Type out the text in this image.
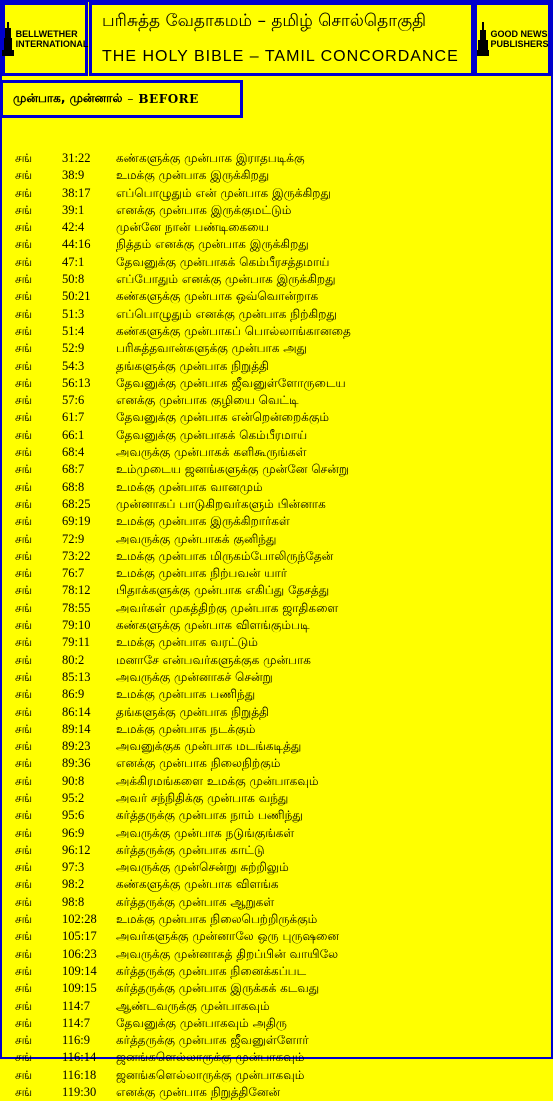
BELLWETHER
INTERNATIONAL
பரிசுத்த வேதாகமம் – தமிழ் சொல்தொகுதி
THE HOLY BIBLE – TAMIL CONCORDANCE
GOOD NEWS
PUBLISHERS
முன்பாக, முன்னால் – BEFORE
சங் 31:22 கண்களுக்கு முன்பாக இராதபடிக்கு
சங் 38:9	உமக்கு முன்பாக இருக்கிறது
சங் 38:17 எப்பொழுதும் என் முன்பாக இருக்கிறது
சங் 39:1	எனக்கு முன்பாக இருக்குமட்டும்
சங் 42:4	முன்னே நான் பண்டிகையை
சங் 44:16 நித்தம் எனக்கு முன்பாக இருக்கிறது
சங் 47:1	தேவனுக்கு முன்பாகக் கெம்பீரசத்தமாய்
சங் 50:8	எப்போதும் எனக்கு முன்பாக இருக்கிறது
சங் 50:21 கண்களுக்கு முன்பாக ஒவ்வொன்றாக
சங் 51:3	எப்பொழுதும் எனக்கு முன்பாக நிற்கிறது
சங் 51:4	கண்களுக்கு முன்பாகப் பொல்லாங்கானதை
சங் 52:9	பரிசுத்தவான்களுக்கு முன்பாக அது
சங் 54:3	தங்களுக்கு முன்பாக நிறுத்தி
சங் 56:13 தேவனுக்கு முன்பாக ஜீவனுள்ளோருடைய
சங் 57:6	எனக்கு முன்பாக குழியை வெட்டி
சங் 61:7	தேவனுக்கு முன்பாக என்றென்றைக்கும்
சங் 66:1	தேவனுக்கு முன்பாகக் கெம்பீரமாய்
சங் 68:4	அவருக்கு முன்பாகக் களிகூருங்கள்
சங் 68:7	உம்முடைய ஜனங்களுக்கு முன்னே சென்று
சங் 68:8	உமக்கு முன்பாக வானமும்
சங் 68:25 முன்னாகப் பாடுகிறவர்களும் பின்னாக
சங் 69:19 உமக்கு முன்பாக இருக்கிறார்கள்
சங் 72:9	அவருக்கு முன்பாகக் குனிந்து
சங் 73:22 உமக்கு முன்பாக மிருகம்போலிருந்தேன்
சங் 76:7	உமக்கு முன்பாக நிற்பவன் யார்
சங் 78:12 பிதாக்களுக்கு முன்பாக எகிப்து தேசத்து
சங் 78:55 அவர்கள் முகத்திற்கு முன்பாக ஜாதிகளை
சங் 79:10 கண்களுக்கு முன்பாக விளங்கும்படி
சங் 79:11 உமக்கு முன்பாக வரட்டும்
சங் 80:2	மனாசே என்பவர்களுக்குக முன்பாக
சங் 85:13 அவருக்கு முன்னாகச் சென்று
சங் 86:9	உமக்கு முன்பாக பணிந்து
சங் 86:14 தங்களுக்கு முன்பாக நிறுத்தி
சங் 89:14 உமக்கு முன்பாக நடக்கும்
சங் 89:23 அவனுக்குக முன்பாக மடங்கடித்து
சங் 89:36 எனக்கு முன்பாக நிலைநிற்கும்
சங் 90:8	அக்கிரமங்களை உமக்கு முன்பாகவும்
சங் 95:2	அவர் சந்நிதிக்கு முன்பாக வந்து
சங் 95:6	கர்த்தருக்கு முன்பாக நாம் பணிந்து
சங் 96:9	அவருக்கு முன்பாக நடுங்குங்கள்
சங் 96:12 கர்த்தருக்கு முன்பாக காட்டு
சங் 97:3	அவருக்கு முன்சென்று சுற்றிலும்
சங் 98:2	கண்களுக்கு முன்பாக விளங்க
சங் 98:8	கர்த்தருக்கு முன்பாக ஆறுகள்
சங் 102:28 உமக்கு முன்பாக நிலைபெற்றிருக்கும்
சங் 105:17 அவர்களுக்கு முன்னாலே ஒரு புருஷனை
சங் 106:23 அவருக்கு முன்னாகத் திறப்பின் வாயிலே
சங் 109:14 கர்த்தருக்கு முன்பாக நினைக்கப்பட
சங் 109:15 கர்த்தருக்கு முன்பாக இருக்கக் கடவது
சங் 114:7 ஆண்டவருக்கு முன்பாகவும்
சங் 114:7 தேவனுக்கு முன்பாகவும் அதிரு
சங் 116:9 கர்த்தருக்கு முன்பாக ஜீவனுள்ளோர்
சங் 116:14 ஜனங்களெல்லாருக்கு முன்பாகவும்
சங் 116:18 ஜனங்களெல்லாருக்கு முன்பாகவும்
சங் 119:30 எனக்கு முன்பாக நிறுத்தினேன்
